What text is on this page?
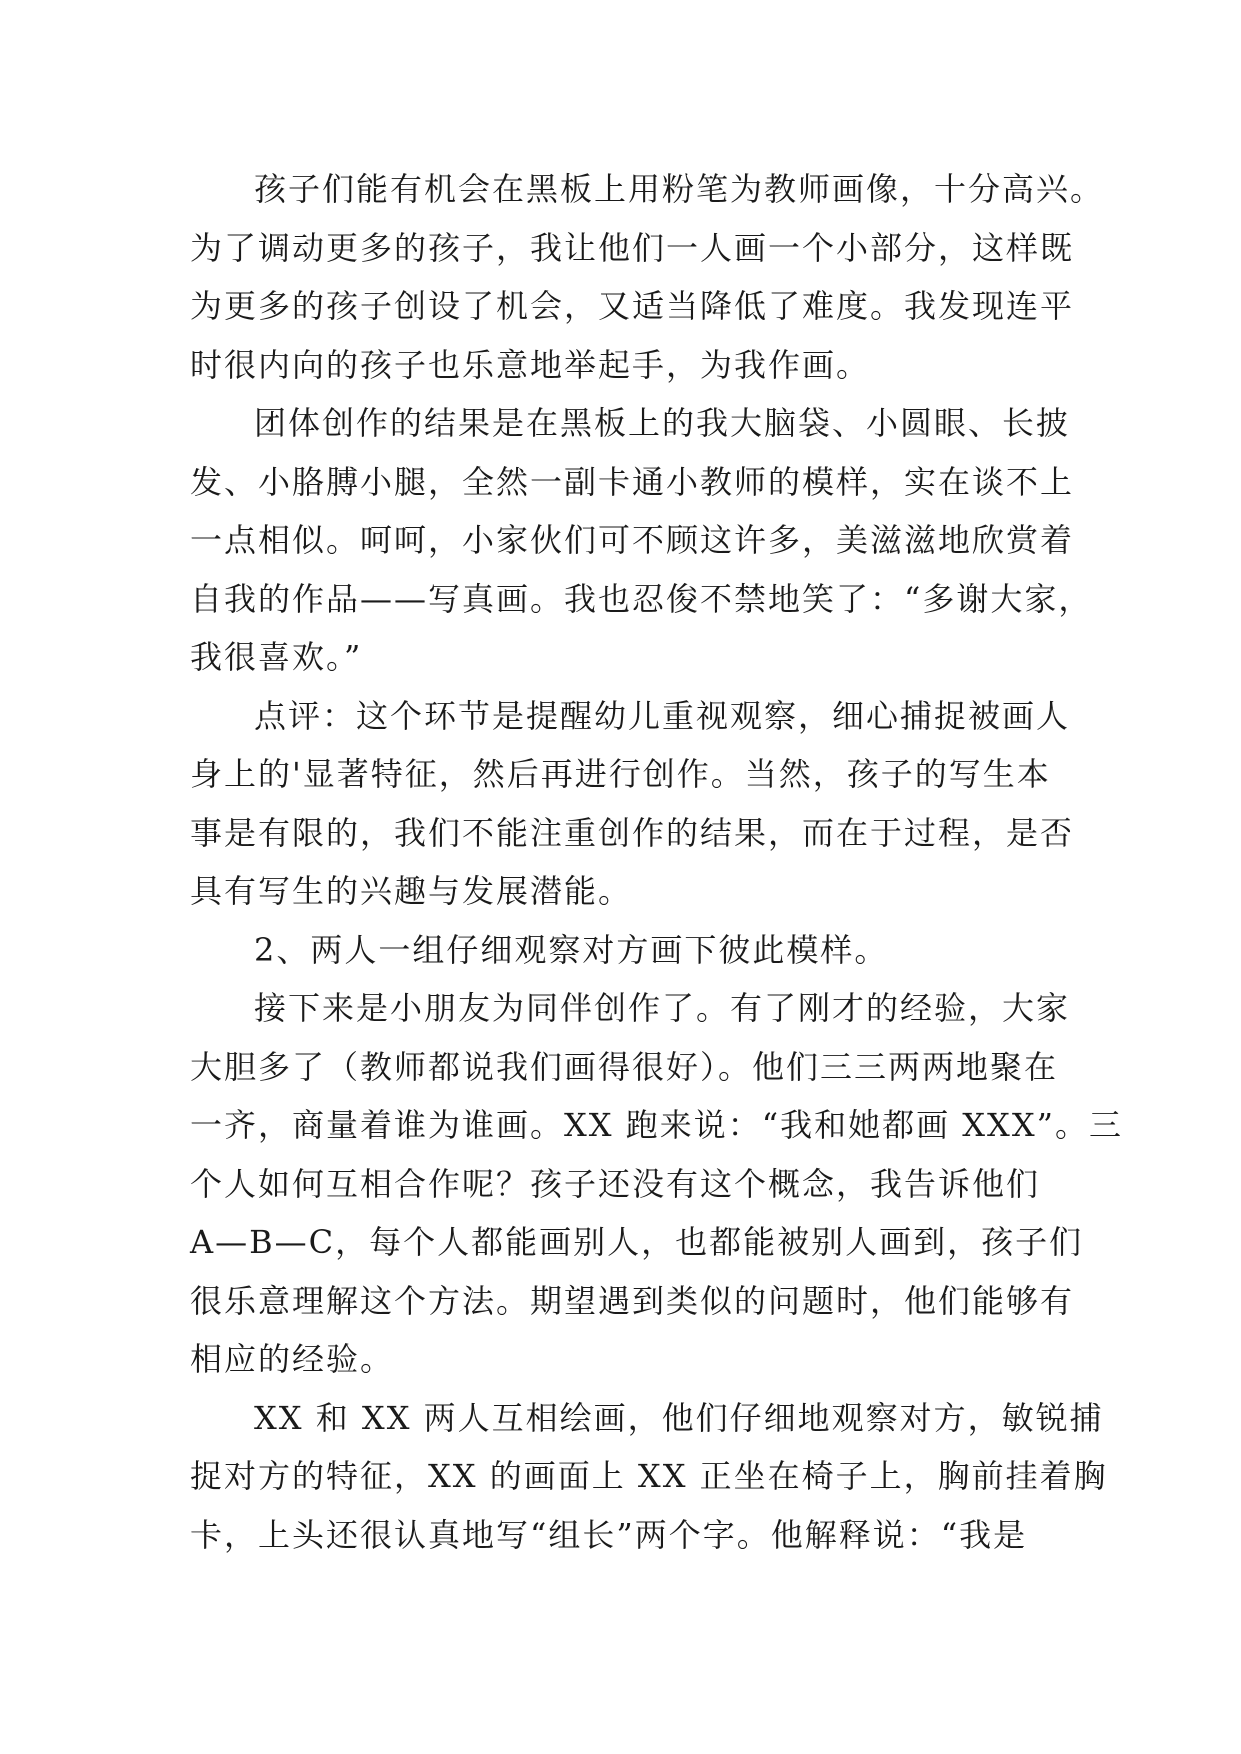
孩子们能有机会在黑板上用粉笔为教师画像，十分高兴。
为了调动更多的孩子，我让他们一人画一个小部分，这样既
为更多的孩子创设了机会，又适当降低了难度。我发现连平
时很内向的孩子也乐意地举起手，为我作画。
团体创作的结果是在黑板上的我大脑袋、小圆眼、长披
发、小胳膊小腿，全然一副卡通小教师的模样，实在谈不上
一点相似。呵呵，小家伙们可不顾这许多，美滋滋地欣赏着
自我的作品——写真画。我也忍俊不禁地笑了：“多谢大家，
我很喜欢。”
点评：这个环节是提醒幼儿重视观察，细心捕捉被画人
身上的'显著特征，然后再进行创作。当然，孩子的写生本
事是有限的，我们不能注重创作的结果，而在于过程，是否
具有写生的兴趣与发展潜能。
2、两人一组仔细观察对方画下彼此模样。
接下来是小朋友为同伴创作了。有了刚才的经验，大家
大胆多了（教师都说我们画得很好）。他们三三两两地聚在
一齐，商量着谁为谁画。XX 跑来说：“我和她都画 XXX”。三
个人如何互相合作呢？孩子还没有这个概念，我告诉他们
A—B—C，每个人都能画别人，也都能被别人画到，孩子们
很乐意理解这个方法。期望遇到类似的问题时，他们能够有
相应的经验。
XX 和 XX 两人互相绘画，他们仔细地观察对方，敏锐捕
捉对方的特征，XX 的画面上 XX 正坐在椅子上，胸前挂着胸
卡，上头还很认真地写“组长”两个字。他解释说：“我是
